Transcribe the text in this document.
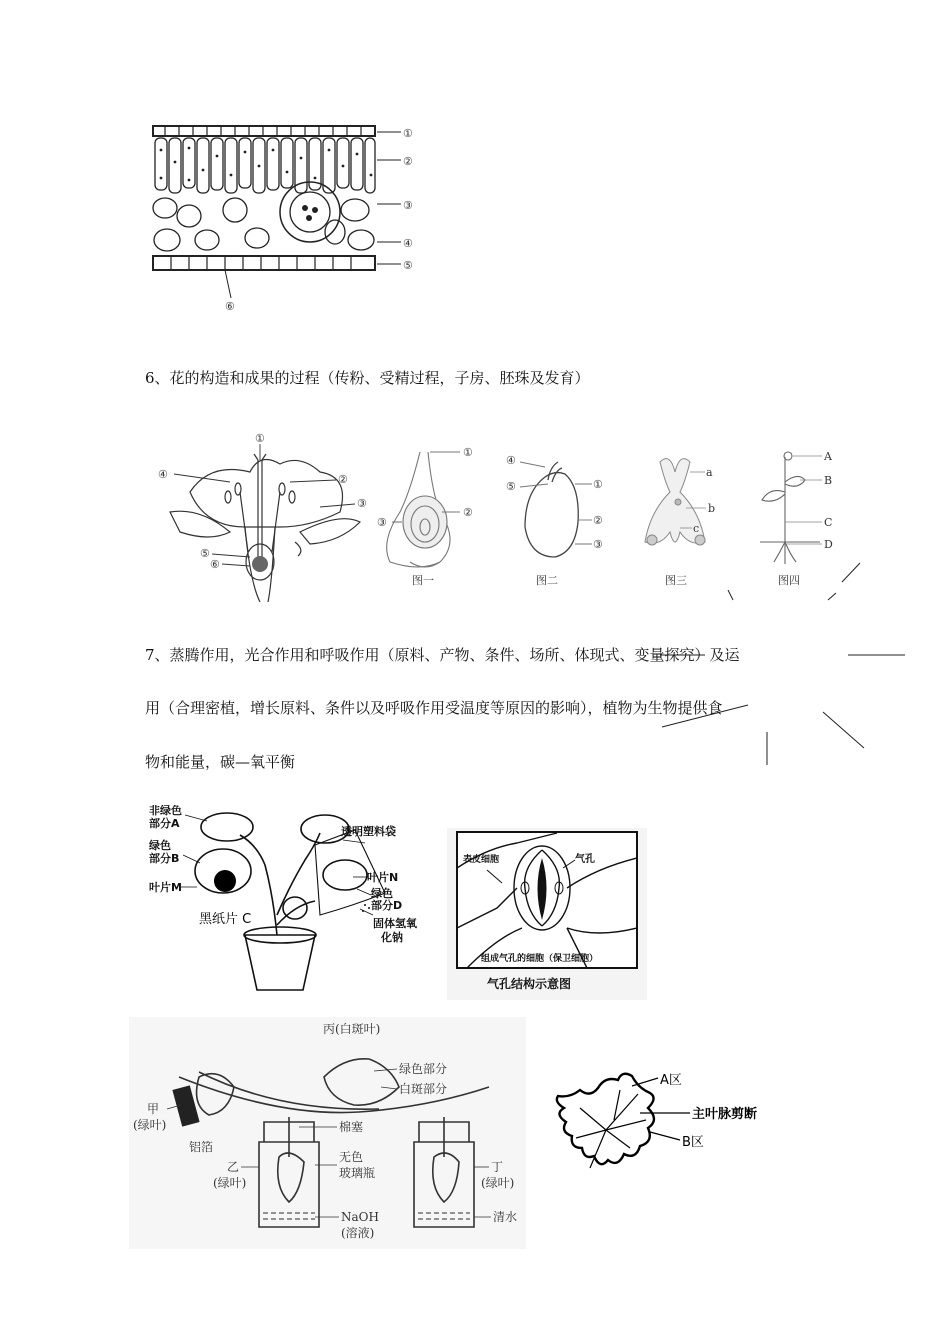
①
②
③
④
⑤
⑥
6、花的构造和成果的过程（传粉、受精过程，子房、胚珠及发育）
①
②
③
④
⑤
⑥
①
②
③
图一
④
⑤	①
②
③
图二
a
b
c
图三
A
B
C
D
图四
7、蒸腾作用，光合作用和呼吸作用（原料、产物、条件、场所、体现式、变量探究）及运
用（合理密植，增长原料、条件以及呼吸作用受温度等原因的影响），植物为生物提供食
物和能量，碳—氧平衡
非绿色
部分A
绿色
部分B
叶片M
黑纸片 C
透明塑料袋
叶片N
绿色
部分D
固体氢氧
化钠
表皮细胞	气孔
组成气孔的细胞（保卫细胞）
气孔结构示意图
丙(白斑叶)
绿色部分
白斑部分
甲
(绿叶)
铝箔
棉塞
无色
玻璃瓶
乙
(绿叶)
丁
(绿叶)
NaOH
(溶液)
清水
A区
主叶脉剪断
B区
